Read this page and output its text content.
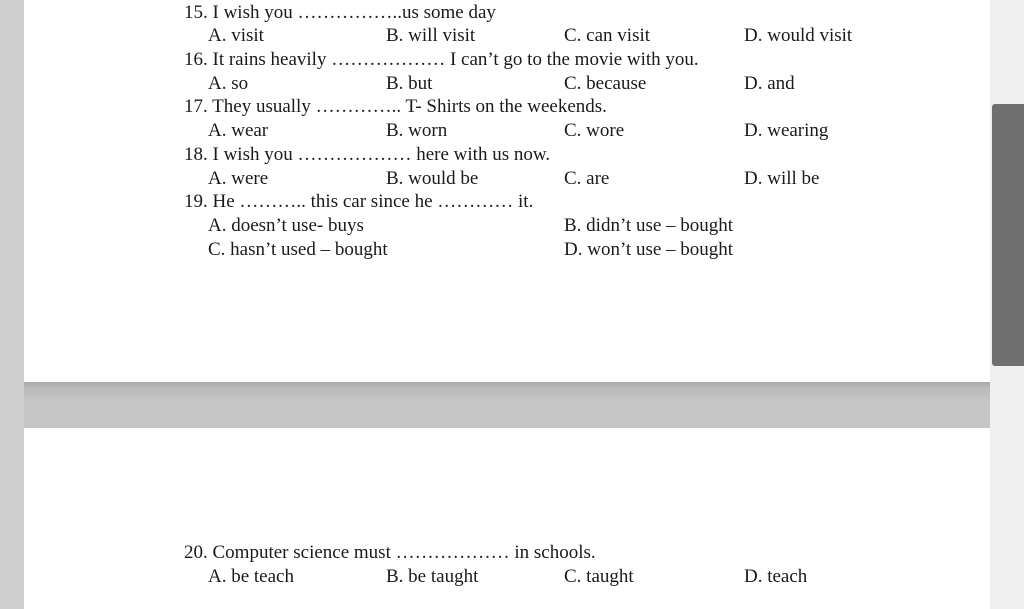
15. I wish you ……………..us some day
A. visit	B. will visit	C. can visit	D. would visit
16. It rains heavily ……………… I can’t go to the movie with you.
A. so	B. but	C. because	D. and
17. They usually ………….. T- Shirts on the weekends.
A. wear	B. worn	C. wore	D. wearing
18. I wish you ……………… here with us now.
A. were	B. would be	C. are	D. will be
19. He ……….. this car since he ………… it.
A. doesn’t use- buys	B. didn’t use – bought
C. hasn’t used – bought	D. won’t use – bought
20. Computer science must ……………… in schools.
A. be teach	B. be taught	C. taught	D. teach
